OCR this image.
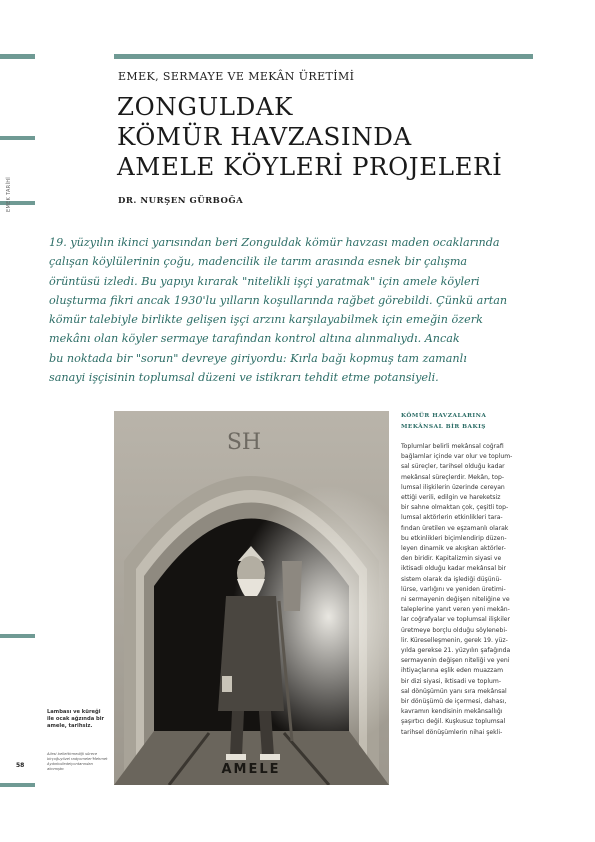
EMEK TARİHİ
EMEK, SERMAYE VE MEKÂN ÜRETİMİ
ZONGULDAK
KÖMÜR HAVZASINDA
AMELE KÖYLERİ PROJELERİ
DR. NURŞEN GÜRBOĞA
19. yüzyılın ikinci yarısından beri Zonguldak kömür havzası maden ocaklarında
çalışan köylülerinin çoğu, madencilik ile tarım arasında esnek bir çalışma
örüntüsü izledi. Bu yapıyı kırarak "nitelikli işçi yaratmak" için amele köyleri
oluşturma fikri ancak 1930'lu yılların koşullarında rağbet görebildi. Çünkü artan
kömür talebiyle birlikte gelişen işçi arzını karşılayabilmek için emeğin özerk
mekânı olan köyler sermaye tarafından kontrol altına alınmalıydı. Ancak
bu noktada bir "sorun" devreye giriyordu: Kırla bağı kopmuş tam zamanlı
sanayi işçisinin toplumsal düzeni ve istikrarı tehdit etme potansiyeli.
SH
AMELE
Lambası ve küreği ile ocak ağzında bir amele, tarihsiz.
Ailesi bellettirmediği sürece birçoğuyözel radyomeler'Mehmet Aydınkolledeiyontarından alınmıştır.
58
KÖMÜR HAVZALARINA
MEKÂNSAL BİR BAKIŞ
Toplumlar belirli mekânsal coğrafi
bağlamlar içinde var olur ve toplum-
sal süreçler, tarihsel olduğu kadar
mekânsal süreçlerdir. Mekân, top-
lumsal ilişkilerin üzerinde cereyan
ettiği verili, edilgin ve hareketsiz
bir sahne olmaktan çok, çeşitli top-
lumsal aktörlerin etkinlikleri tara-
fından üretilen ve eşzamanlı olarak
bu etkinlikleri biçimlendirip düzen-
leyen dinamik ve akışkan aktörler-
den biridir. Kapitalizmin siyasi ve
iktisadi olduğu kadar mekânsal bir
sistem olarak da işlediği düşünü-
lürse, varlığını ve yeniden üretimi-
ni sermayenin değişen niteliğine ve
taleplerine yanıt veren yeni mekân-
lar coğrafyalar ve toplumsal ilişkiler
üretmeye borçlu olduğu söylenebi-
lir. Küreselleşmenin, gerek 19. yüz-
yılda gerekse 21. yüzyılın şafağında
sermayenin değişen niteliği ve yeni
ihtiyaçlarına eşlik eden muazzam
bir dizi siyasi, iktisadi ve toplum-
sal dönüşümün yanı sıra mekânsal
bir dönüşümü de içermesi, dahası,
kavramın kendisinin mekânsallığı
şaşırtıcı değil. Kuşkusuz toplumsal
tarihsel dönüşümlerin nihai şekli-
